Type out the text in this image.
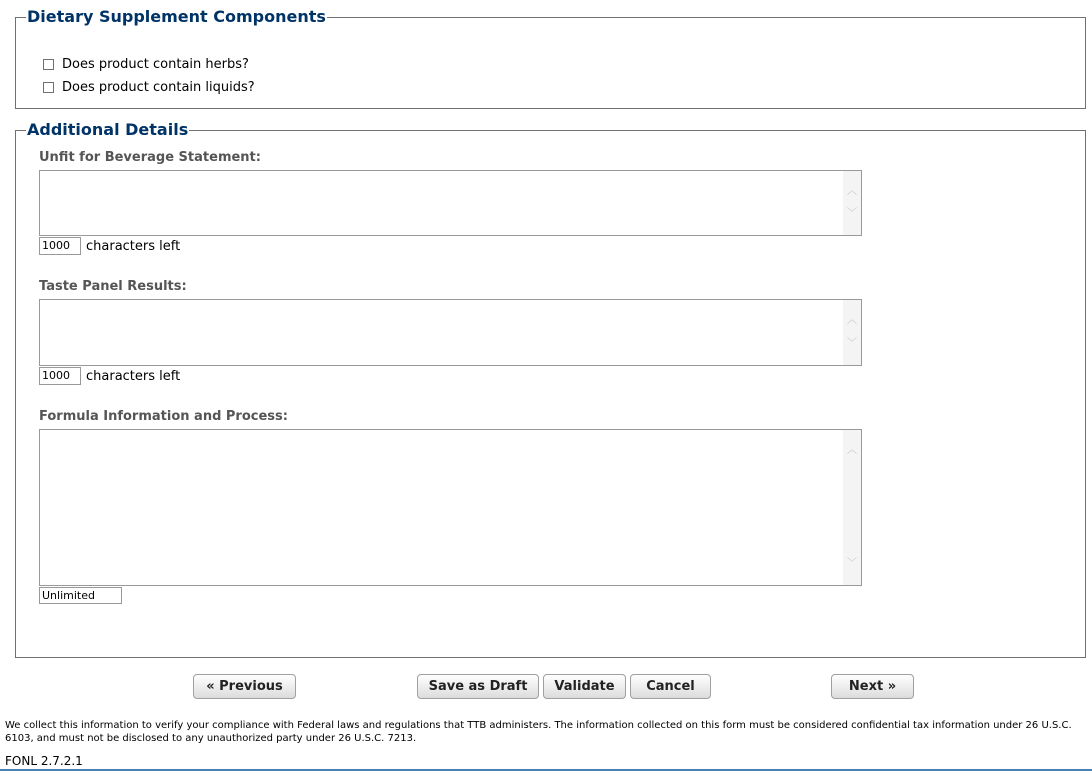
Dietary Supplement Components
Does product contain herbs?
Does product contain liquids?
Additional Details
Unfit for Beverage Statement:
︿
﹀
1000	characters left
Taste Panel Results:
︿
﹀
1000	characters left
Formula Information and Process:
︿
﹀
Unlimited
« Previous	Save as Draft	Validate	Cancel	Next »
We collect this information to verify your compliance with Federal laws and regulations that TTB administers. The information collected on this form must be considered confidential tax information under 26 U.S.C. 6103, and must not be disclosed to any unauthorized party under 26 U.S.C. 7213.
FONL 2.7.2.1
